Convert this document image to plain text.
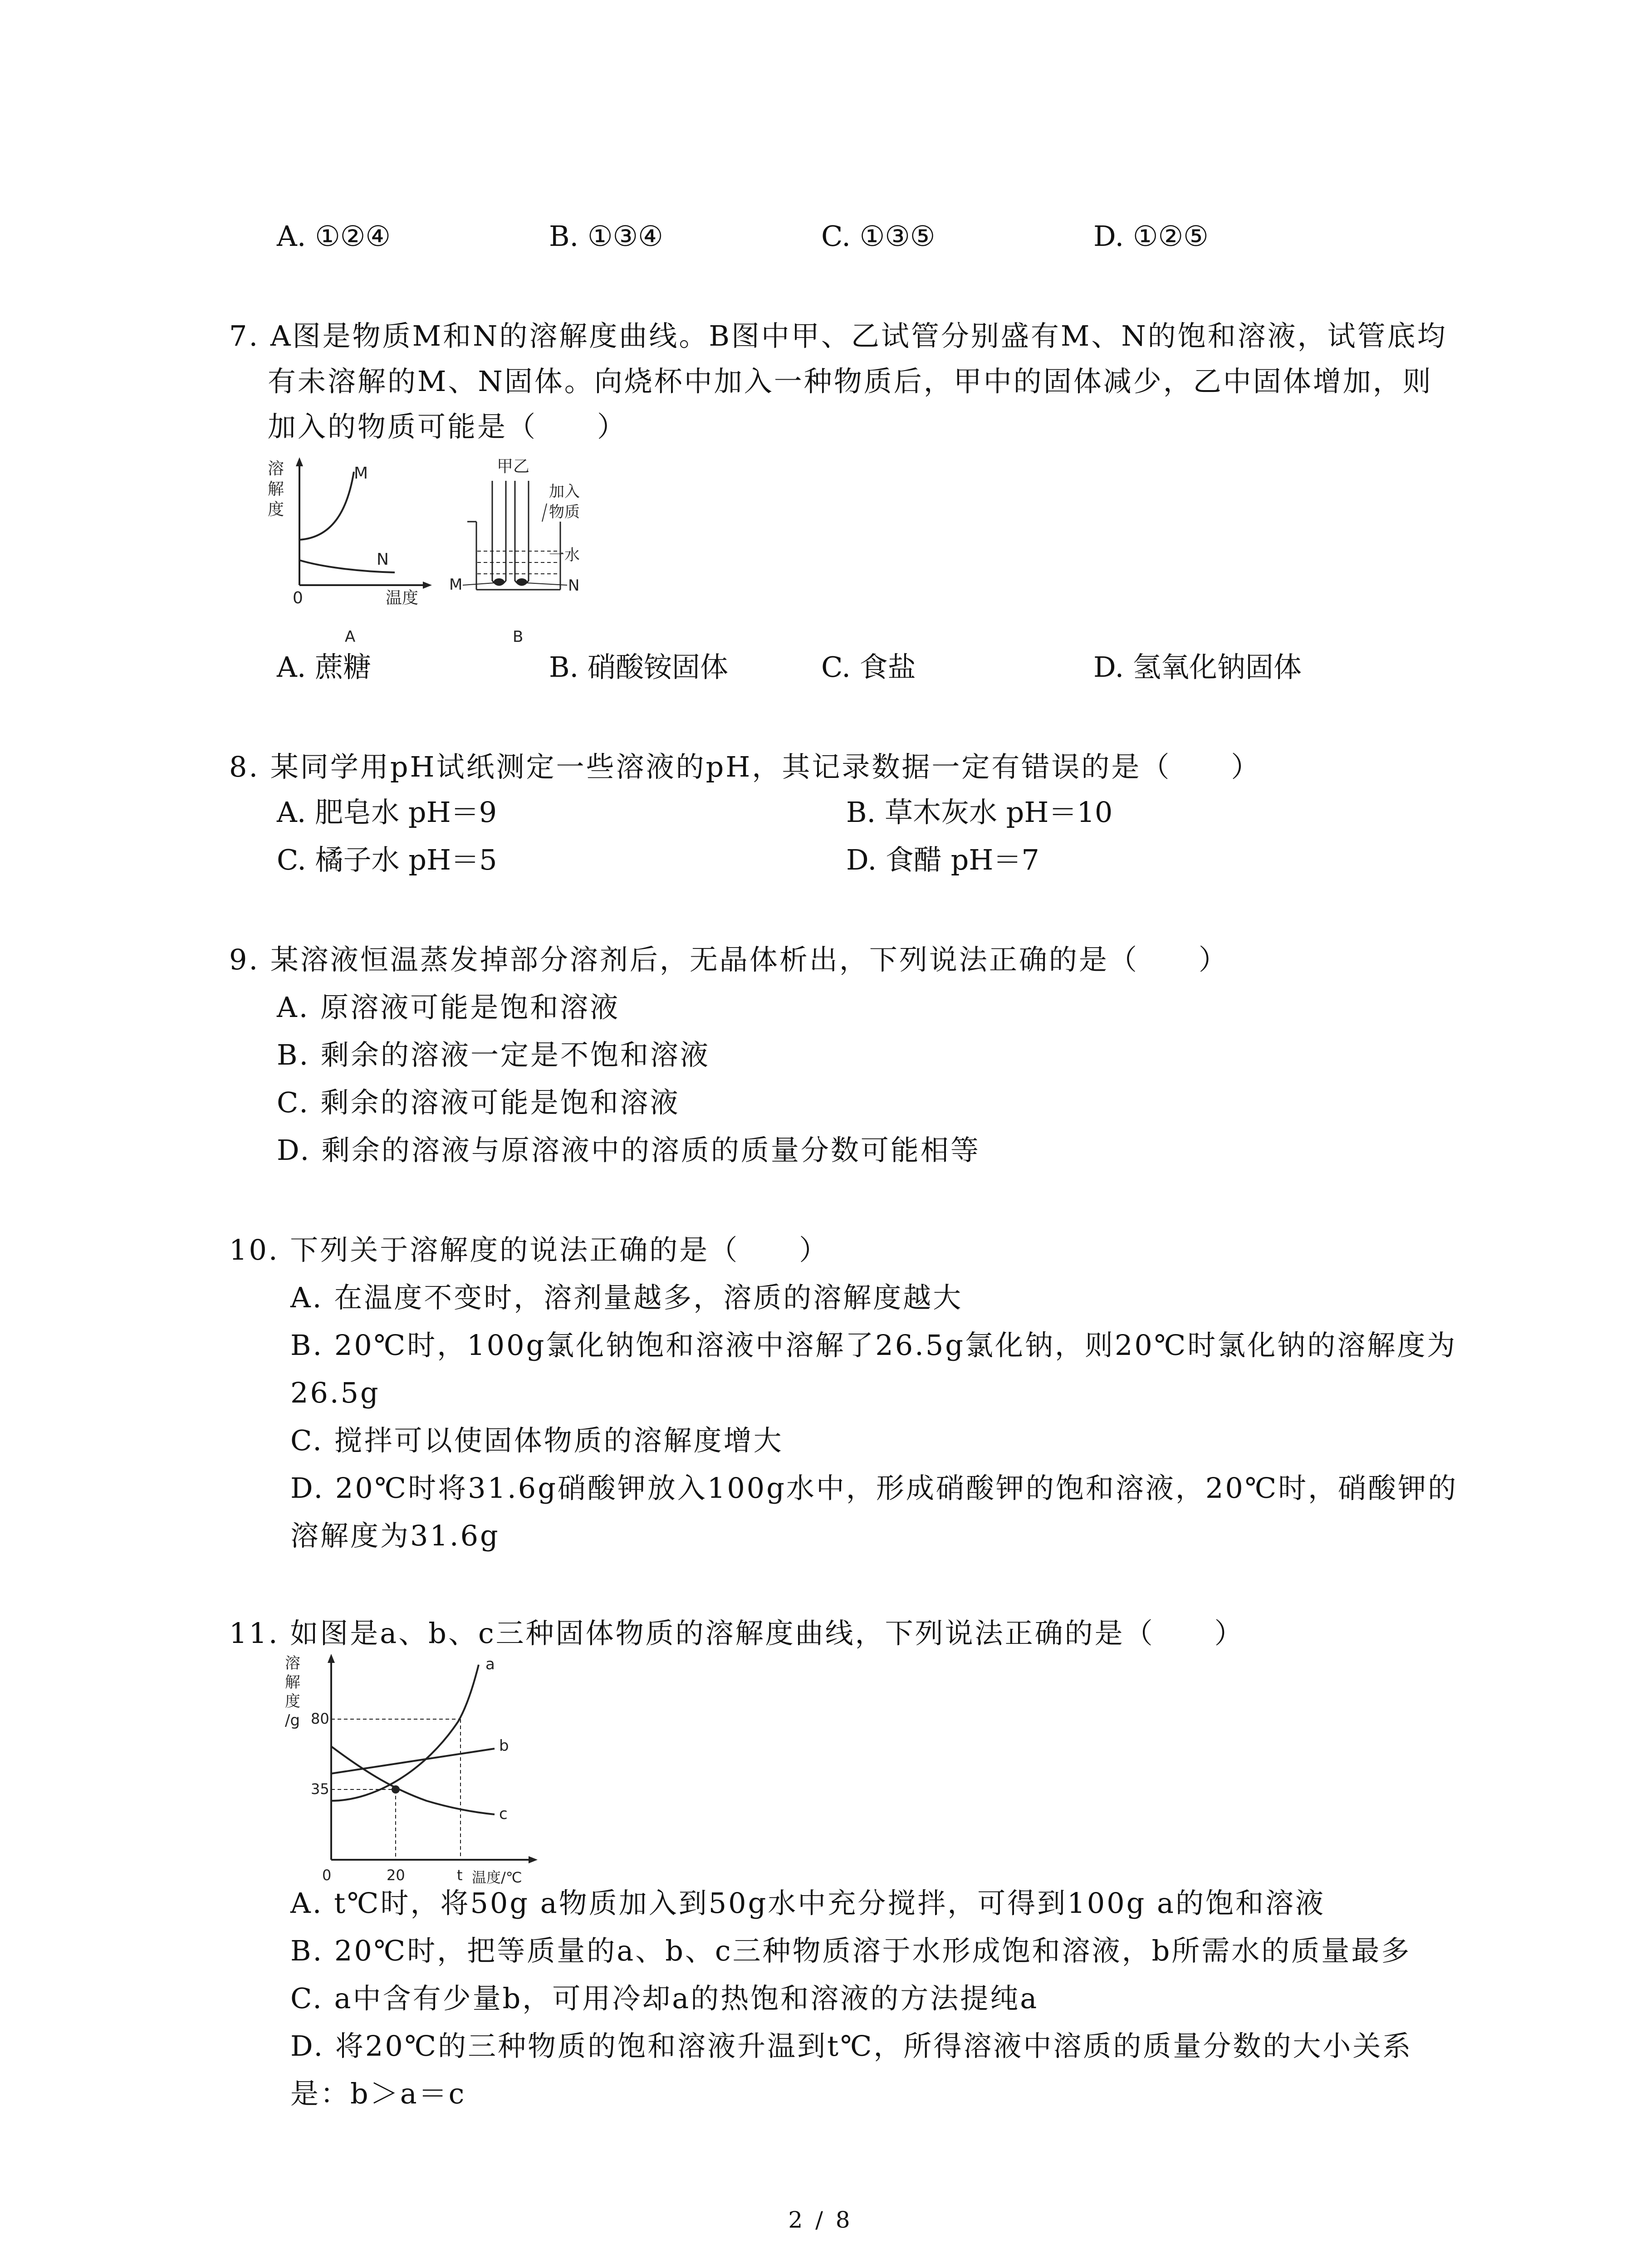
A. ①②④	B. ①③④	C. ①③⑤	D. ①②⑤
7. A图是物质M和N的溶解度曲线。B图中甲、乙试管分别盛有M、N的饱和溶液，试管底均
有未溶解的M、N固体。向烧杯中加入一种物质后，甲中的固体减少，乙中固体增加，则
加入的物质可能是（　　）
溶
解
度
M
N
0	温度
A
甲乙
加入
物质
一水
M	N
B
A. 蔗糖	B. 硝酸铵固体	C. 食盐	D. 氢氧化钠固体
8. 某同学用pH试纸测定一些溶液的pH，其记录数据一定有错误的是（　　）
A. 肥皂水 pH＝9	B. 草木灰水 pH＝10
C. 橘子水 pH＝5	D. 食醋 pH＝7
9. 某溶液恒温蒸发掉部分溶剂后，无晶体析出，下列说法正确的是（　　）
A. 原溶液可能是饱和溶液
B. 剩余的溶液一定是不饱和溶液
C. 剩余的溶液可能是饱和溶液
D. 剩余的溶液与原溶液中的溶质的质量分数可能相等
10. 下列关于溶解度的说法正确的是（　　）
A. 在温度不变时，溶剂量越多，溶质的溶解度越大
B. 20℃时，100g氯化钠饱和溶液中溶解了26.5g氯化钠，则20℃时氯化钠的溶解度为
26.5g
C. 搅拌可以使固体物质的溶解度增大
D. 20℃时将31.6g硝酸钾放入100g水中，形成硝酸钾的饱和溶液，20℃时，硝酸钾的
溶解度为31.6g
11. 如图是a、b、c三种固体物质的溶解度曲线，下列说法正确的是（　　）
溶
解
度
/g
a
b
c
80
35
0	20	t 温度/℃
A. t℃时，将50g a物质加入到50g水中充分搅拌，可得到100g a的饱和溶液
B. 20℃时，把等质量的a、b、c三种物质溶于水形成饱和溶液，b所需水的质量最多
C. a中含有少量b，可用冷却a的热饱和溶液的方法提纯a
D. 将20℃的三种物质的饱和溶液升温到t℃，所得溶液中溶质的质量分数的大小关系
是：b＞a＝c
2 / 8
